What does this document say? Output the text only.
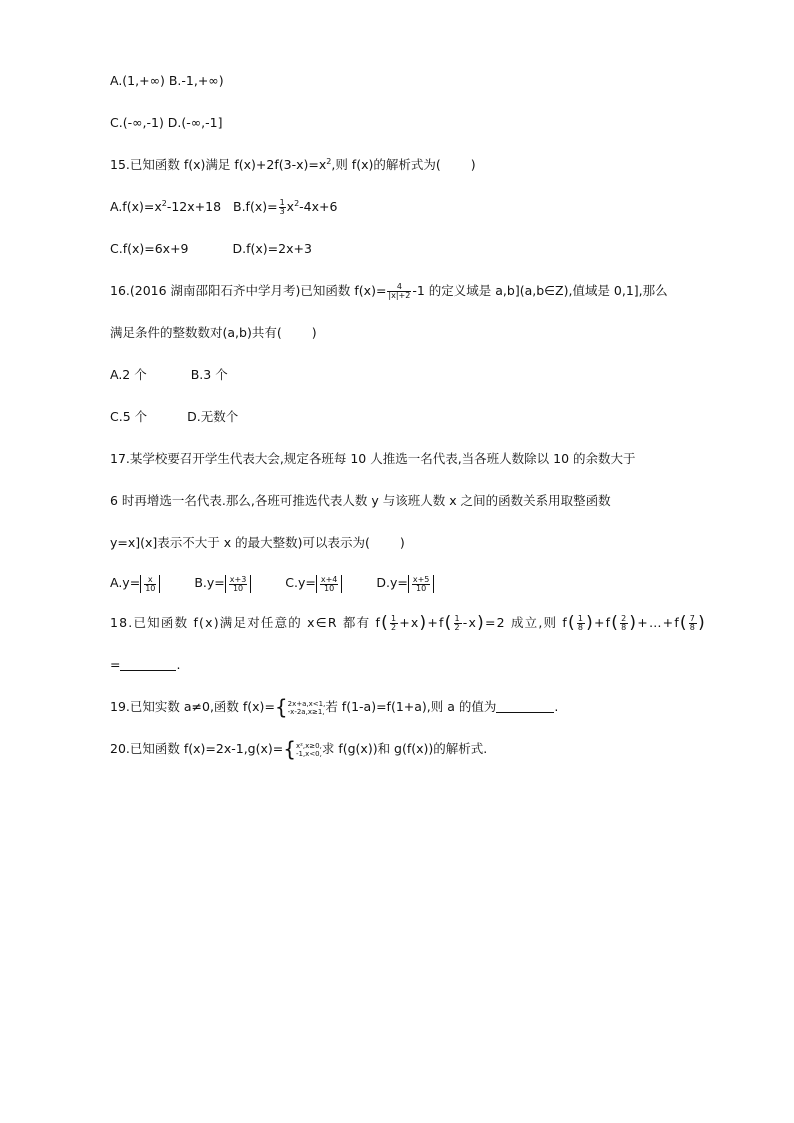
A.(1,+∞) B.-1,+∞)
C.(-∞,-1) D.(-∞,-1]
15.已知函数 f(x)满足 $f(x)+2f(3-x)=x^2$,则 f(x)的解析式为( )
$A.f(x)=x^2-12x+18$ $B.f(x)= \frac{1}{3} x^2-4x+6$
C.f(x)=6x+9	D.f(x)=2x+3
16.(2016 湖南邵阳石齐中学月考)已知函数 $f(x)= \frac{4}{|x|+2} -1$ 的定义域是 a,b](a,b∈Z),值域是 0,1],那么
满足条件的整数数对(a,b)共有( )
A.2 个	B.3 个
C.5 个	D.无数个
17.某学校要召开学生代表大会,规定各班每 10 人推选一名代表,当各班人数除以 10 的余数大于
6 时再增选一名代表.那么,各班可推选代表人数 y 与该班人数 x 之间的函数关系用取整函数
y=x](x]表示不大于 x 的最大整数)可以表示为( )
$A.y= \frac{x}{10}$	$B.y= \frac{x+3}{10}$	$C.y= \frac{x+4}{10}$	$D.y= \frac{x+5}{10}$
18.已知函数 f(x)满足对任意的 x∈R 都有 $f( \frac{1}{2} +x)+f( \frac{1}{2} -x)=2$ 成立,则 $f( \frac{1}{8} )+f( \frac{2}{8}$ )+…+f( $\frac{7}{8}$ )
=	.
19.已知实数 a≠0,函数 f(x)={ 2x+a,x<1,
-x-2a,x≥1, 若 f(1-a)=f(1+a),则 a 的值为	.
20.已知函数 f(x)=2x-1,g(x)={ x²,x≥0,
-1,x<0, 求 f(g(x))和 g(f(x))的解析式.
